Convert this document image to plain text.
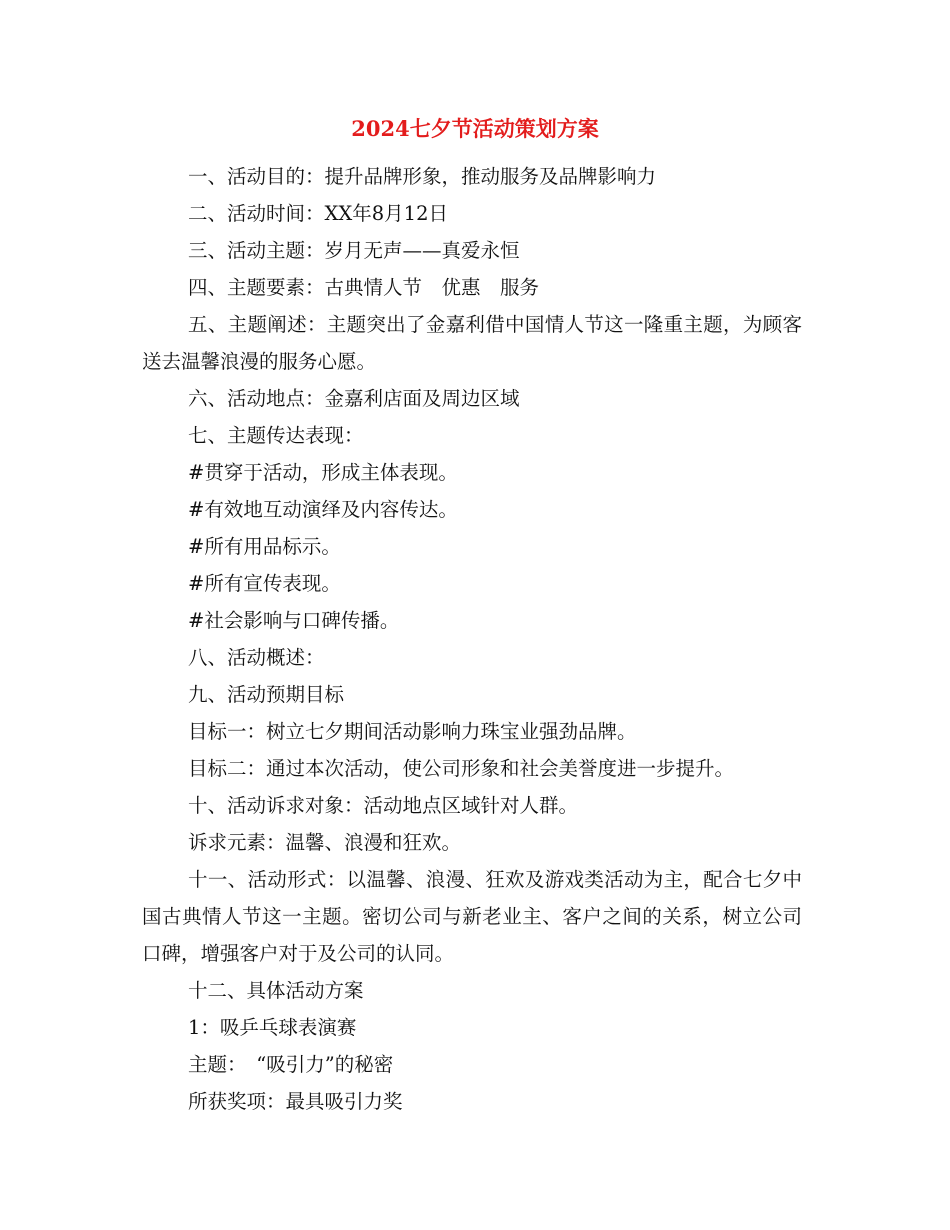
2024七夕节活动策划方案

一、活动目的：提升品牌形象，推动服务及品牌影响力

二、活动时间：XX年8月12日

三、活动主题：岁月无声——真爱永恒

四、主题要素：古典情人节　优惠　服务

五、主题阐述：主题突出了金嘉利借中国情人节这一隆重主题，为顾客送去温馨浪漫的服务心愿。

六、活动地点：金嘉利店面及周边区域

七、主题传达表现：

#贯穿于活动，形成主体表现。

#有效地互动演绎及内容传达。

#所有用品标示。

#所有宣传表现。

#社会影响与口碑传播。

八、活动概述：

九、活动预期目标

目标一：树立七夕期间活动影响力珠宝业强劲品牌。

目标二：通过本次活动，使公司形象和社会美誉度进一步提升。

十、活动诉求对象：活动地点区域针对人群。

诉求元素：温馨、浪漫和狂欢。

十一、活动形式：以温馨、浪漫、狂欢及游戏类活动为主，配合七夕中国古典情人节这一主题。密切公司与新老业主、客户之间的关系，树立公司口碑，增强客户对于及公司的认同。

十二、具体活动方案

1：吸乒乓球表演赛

主题：　“吸引力”的秘密

所获奖项：最具吸引力奖
